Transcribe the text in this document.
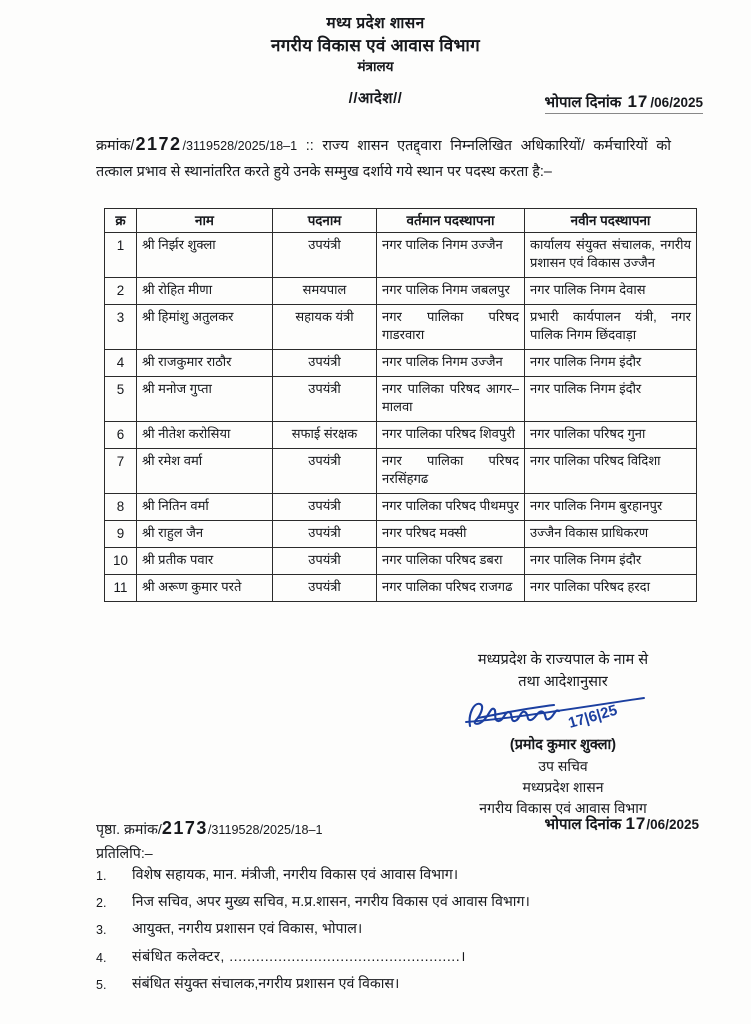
मध्य प्रदेश शासन
नगरीय विकास एवं आवास विभाग
मंत्रालय
//आदेश//	भोपाल दिनांक 17 /06/2025
क्रमांक/2172/3119528/2025/18–1 :: राज्य शासन एतद्द्वारा निम्नलिखित अधिकारियों/ कर्मचारियों को तत्काल प्रभाव से स्थानांतरित करते हुये उनके सम्मुख दर्शाये गये स्थान पर पदस्थ करता है:–
क्र	नाम	पदनाम	वर्तमान पदस्थापना	नवीन पदस्थापना
1	श्री निर्झर शुक्ला	उपयंत्री	नगर पालिक निगम उज्जैन	कार्यालय संयुक्त संचालक, नगरीय प्रशासन एवं विकास उज्जैन
2	श्री रोहित मीणा	समयपाल	नगर पालिक निगम जबलपुर	नगर पालिक निगम देवास
3	श्री हिमांशु अतुलकर	सहायक यंत्री	नगर पालिका परिषद गाडरवारा	प्रभारी कार्यपालन यंत्री, नगर पालिक निगम छिंदवाड़ा
4	श्री राजकुमार राठौर	उपयंत्री	नगर पालिक निगम उज्जैन	नगर पालिक निगम इंदौर
5	श्री मनोज गुप्ता	उपयंत्री	नगर पालिका परिषद आगर–मालवा	नगर पालिक निगम इंदौर
6	श्री नीतेश करोसिया	सफाई संरक्षक	नगर पालिका परिषद शिवपुरी	नगर पालिका परिषद गुना
7	श्री रमेश वर्मा	उपयंत्री	नगर पालिका परिषद नरसिंहगढ	नगर पालिका परिषद विदिशा
8	श्री नितिन वर्मा	उपयंत्री	नगर पालिका परिषद पीथमपुर	नगर पालिक निगम बुरहानपुर
9	श्री राहुल जैन	उपयंत्री	नगर परिषद मक्सी	उज्जैन विकास प्राधिकरण
10	श्री प्रतीक पवार	उपयंत्री	नगर पालिका परिषद डबरा	नगर पालिक निगम इंदौर
11	श्री अरूण कुमार परते	उपयंत्री	नगर पालिका परिषद राजगढ	नगर पालिका परिषद हरदा
मध्यप्रदेश के राज्यपाल के नाम से
तथा आदेशानुसार
17|6|25
(प्रमोद कुमार शुक्ला)
उप सचिव
मध्यप्रदेश शासन
नगरीय विकास एवं आवास विभाग
पृष्ठा. क्रमांक/2173/3119528/2025/18–1	भोपाल दिनांक 17/06/2025
प्रतिलिपि:–
1.	विशेष सहायक, मान. मंत्रीजी, नगरीय विकास एवं आवास विभाग।
2.	निज सचिव, अपर मुख्य सचिव, म.प्र.शासन, नगरीय विकास एवं आवास विभाग।
3.	आयुक्त, नगरीय प्रशासन एवं विकास, भोपाल।
4.	संबंधित कलेक्टर, ....................................................।
5.	संबंधित संयुक्त संचालक,नगरीय प्रशासन एवं विकास।
